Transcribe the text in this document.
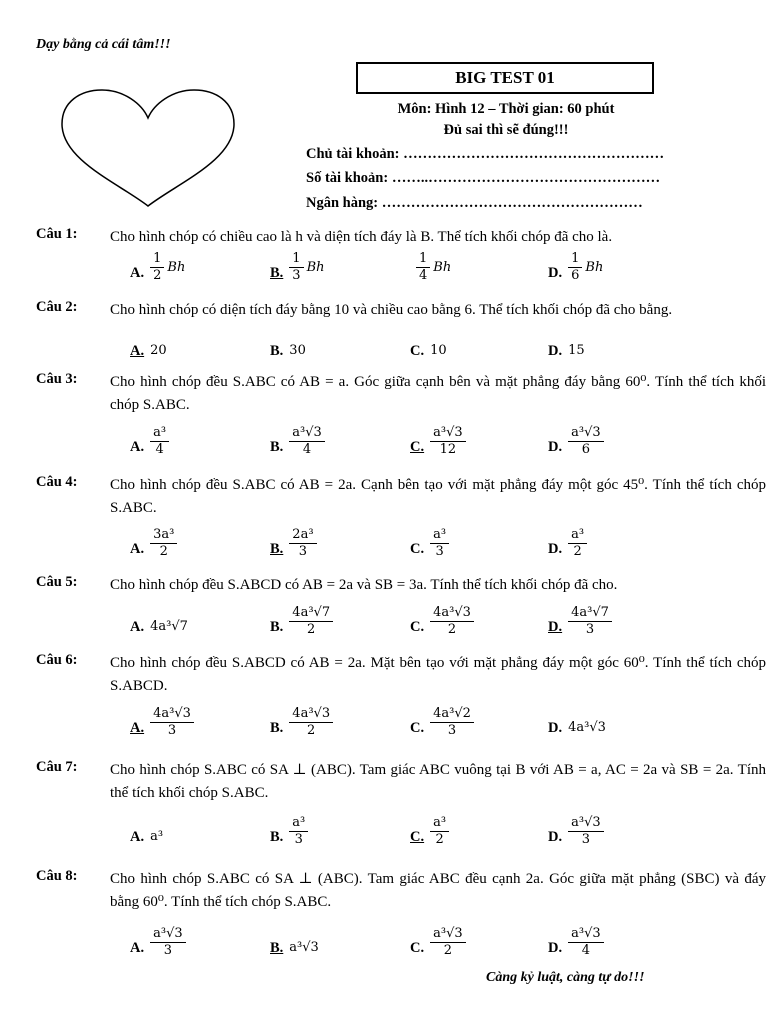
Dạy bằng cả cái tâm!!!
BIG TEST 01
Môn: Hình 12 – Thời gian: 60 phút
Đủ sai thì sẽ đúng!!!
Chủ tài khoản: ………………………………………………
Số tài khoản: ……..…………………………………………
Ngân hàng: ………………………………………………
Câu 1: Cho hình chóp có chiều cao là h và diện tích đáy là B. Thể tích khối chóp đã cho là.
A. $\frac{1}{2}$ Bh	B. $\frac{1}{3}$ Bh	$\frac{1}{4}$ Bh	D. $\frac{1}{6}$ Bh
Câu 2: Cho hình chóp có diện tích đáy bằng 10 và chiều cao bằng 6. Thể tích khối chóp đã cho bằng.
A. 20	B. 30	C. 10	D. 15
Câu 3: Cho hình chóp đều S.ABC có AB = a. Góc giữa cạnh bên và mặt phẳng đáy bằng 60⁰. Tính thể tích khối chóp S.ABC.
A. $\frac{\text{a³}}{4}$	B. $\frac{\text{a³√3}}{4}$	C. $\frac{\text{a³√3}}{12}$	D. $\frac{\text{a³√3}}{6}$
Câu 4: Cho hình chóp đều S.ABC có AB = 2a. Cạnh bên tạo với mặt phẳng đáy một góc 45⁰. Tính thể tích chóp S.ABC.
A. $\frac{\text{3a³}}{2}$	B. $\frac{\text{2a³}}{3}$	C. $\frac{\text{a³}}{3}$	D. $\frac{\text{a³}}{2}$
Câu 5: Cho hình chóp đều S.ABCD có AB = 2a và SB = 3a. Tính thể tích khối chóp đã cho.
A. 4a³√7	B. $\frac{\text{4a³√7}}{2}$	C. $\frac{\text{4a³√3}}{2}$	D. $\frac{\text{4a³√7}}{3}$
Câu 6: Cho hình chóp đều S.ABCD có AB = 2a. Mặt bên tạo với mặt phẳng đáy một góc 60⁰. Tính thể tích chóp S.ABCD.
A. $\frac{\text{4a³√3}}{3}$	B. $\frac{\text{4a³√3}}{2}$	C. $\frac{\text{4a³√2}}{3}$	D. 4a³√3
Câu 7: Cho hình chóp S.ABC có SA ⊥ (ABC). Tam giác ABC vuông tại B với AB = a, AC = 2a và SB = 2a. Tính thể tích khối chóp S.ABC.
A. a³	B. $\frac{\text{a³}}{3}$	C. $\frac{\text{a³}}{2}$	D. $\frac{\text{a³√3}}{3}$
Câu 8: Cho hình chóp S.ABC có SA ⊥ (ABC). Tam giác ABC đều cạnh 2a. Góc giữa mặt phẳng (SBC) và đáy bằng 60⁰. Tính thể tích chóp S.ABC.
A. $\frac{\text{a³√3}}{3}$	B. a³√3	C. $\frac{\text{a³√3}}{2}$	D. $\frac{\text{a³√3}}{4}$
Càng kỷ luật, càng tự do!!!
